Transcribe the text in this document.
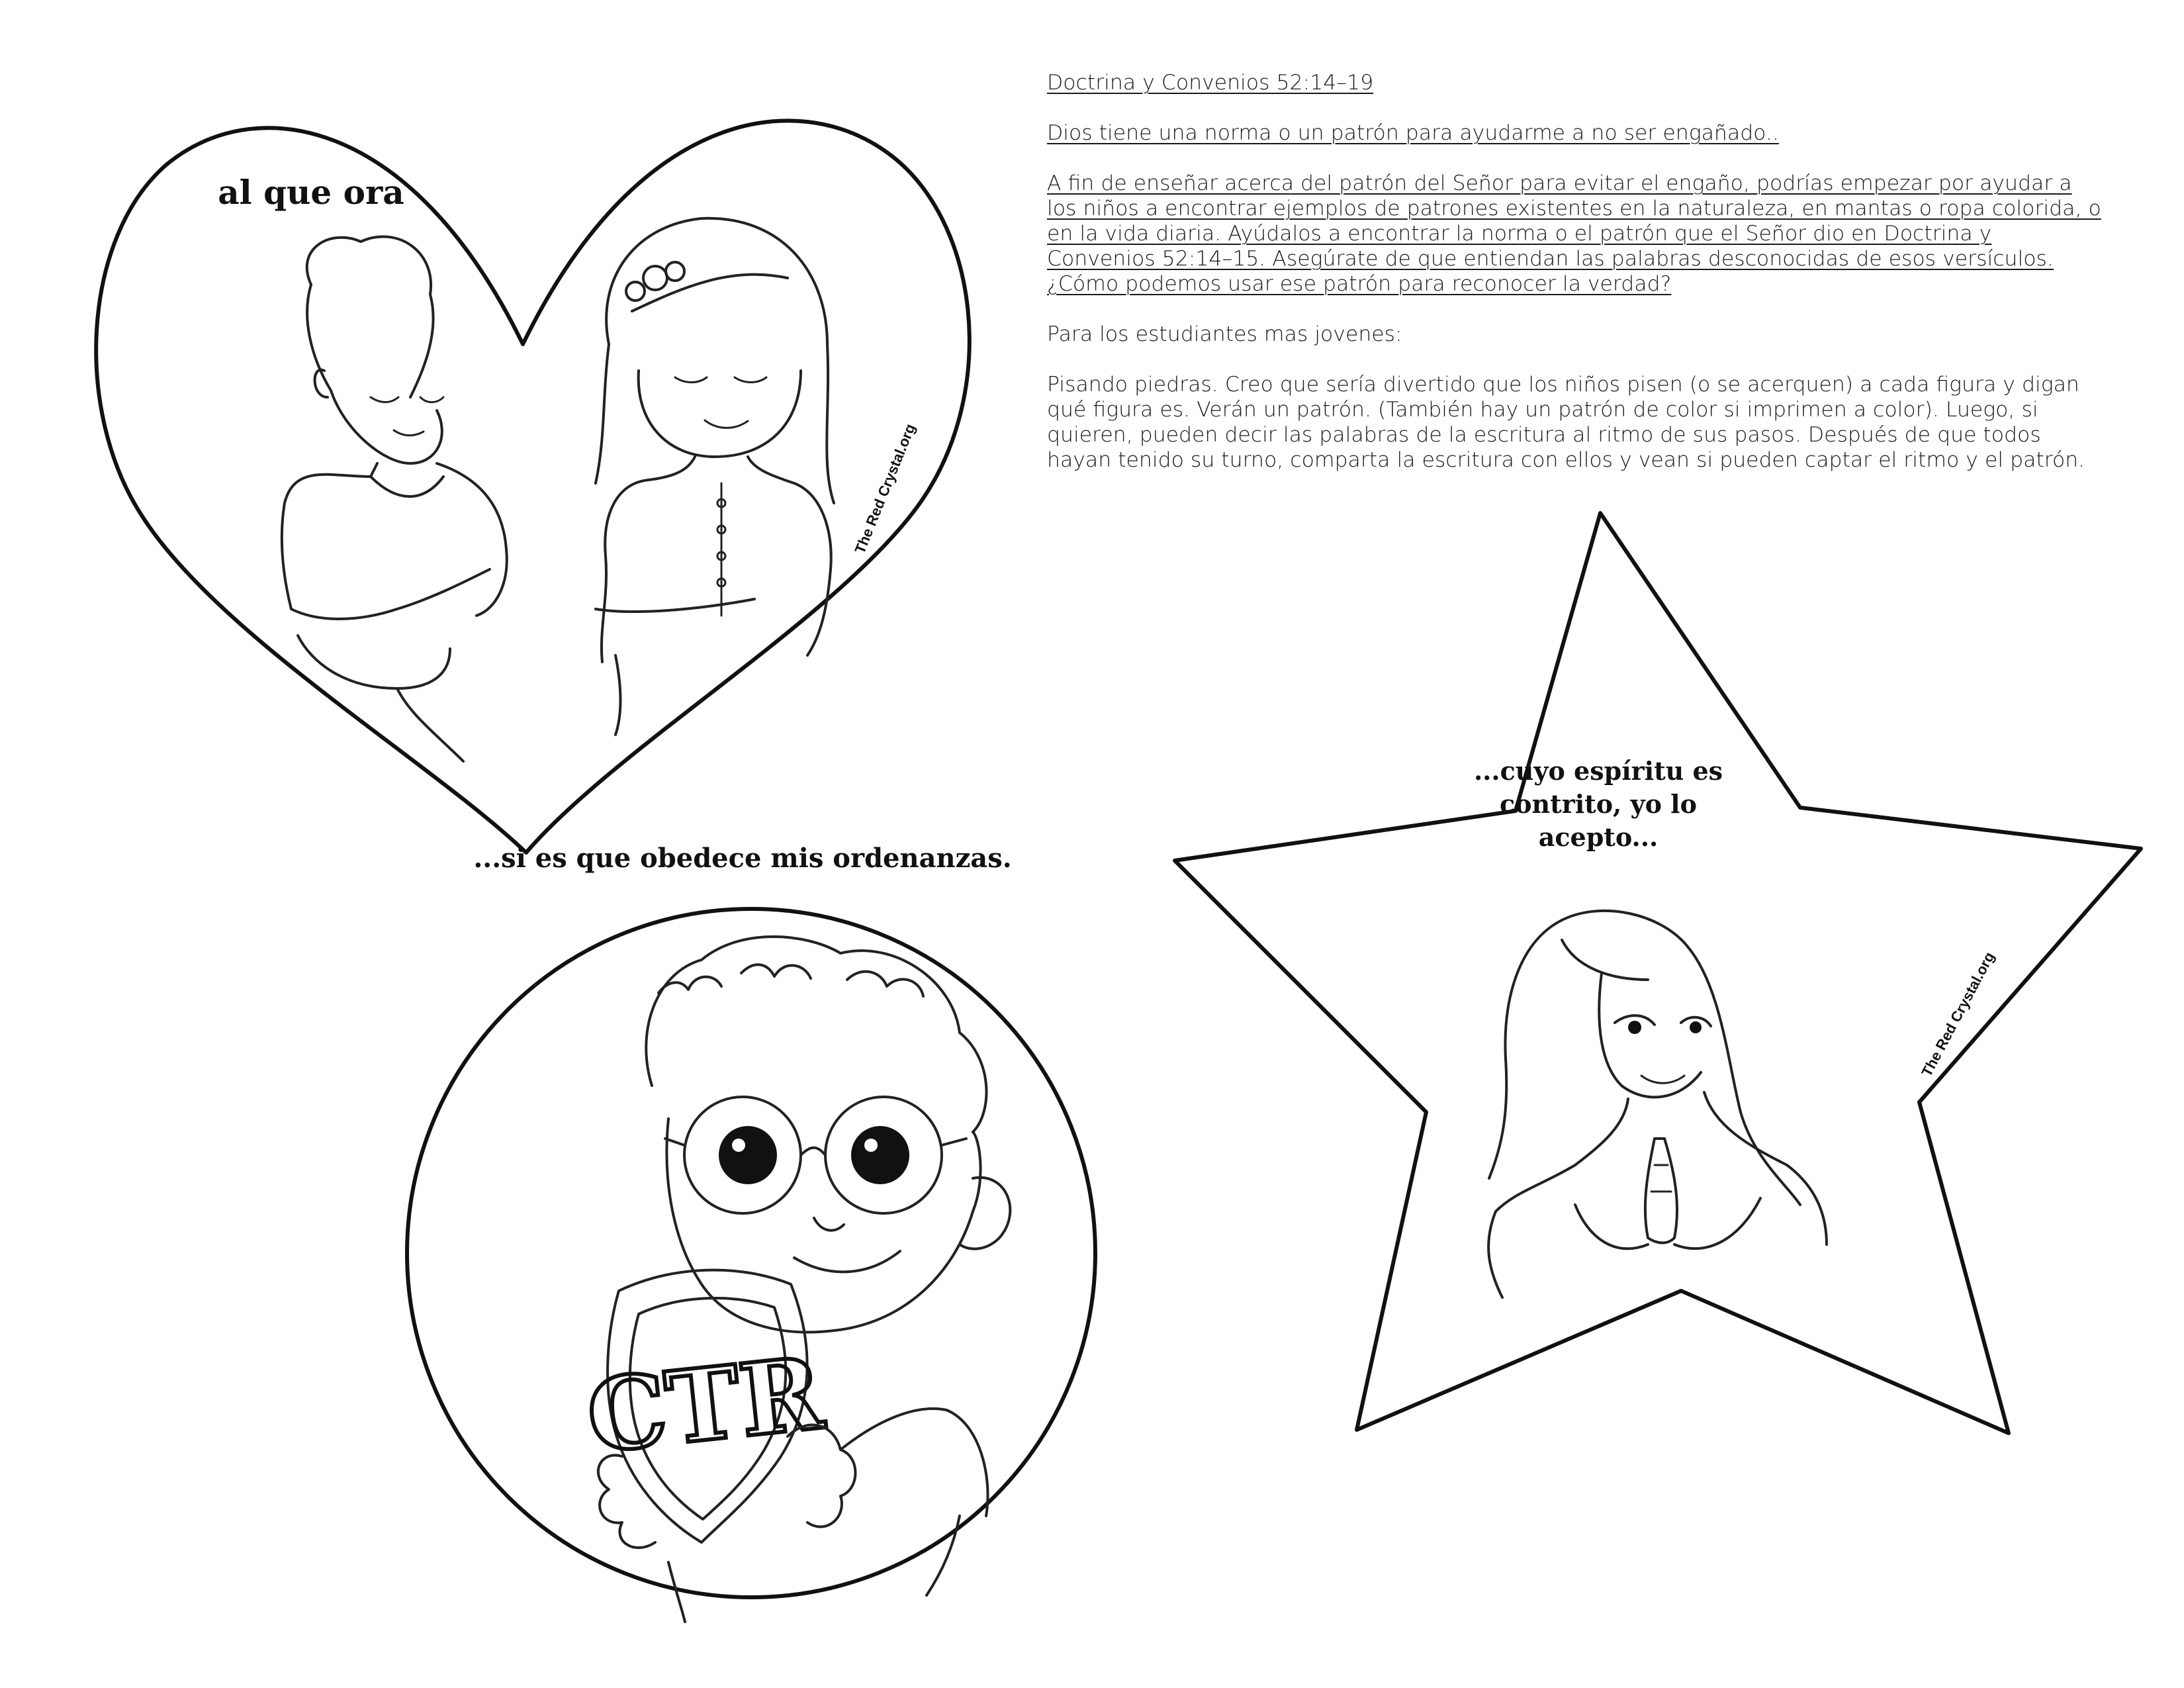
al que ora
The Red Crystal.org
...si es que obedece mis ordenanzas.
CTR
...cuyo espíritu es
contrito, yo lo
acepto...
The Red Crystal.org

Doctrina y Convenios 52:14–19

Dios tiene una norma o un patrón para ayudarme a no ser engañado..

A fin de enseñar acerca del patrón del Señor para evitar el engaño, podrías empezar por ayudar a los niños a encontrar ejemplos de patrones existentes en la naturaleza, en mantas o ropa colorida, o en la vida diaria. Ayúdalos a encontrar la norma o el patrón que el Señor dio en Doctrina y Convenios 52:14–15. Asegúrate de que entiendan las palabras desconocidas de esos versículos. ¿Cómo podemos usar ese patrón para reconocer la verdad?

Para los estudiantes mas jovenes:

Pisando piedras. Creo que sería divertido que los niños pisen (o se acerquen) a cada figura y digan qué figura es. Verán un patrón. (También hay un patrón de color si imprimen a color). Luego, si quieren, pueden decir las palabras de la escritura al ritmo de sus pasos. Después de que todos hayan tenido su turno, comparta la escritura con ellos y vean si pueden captar el ritmo y el patrón.
